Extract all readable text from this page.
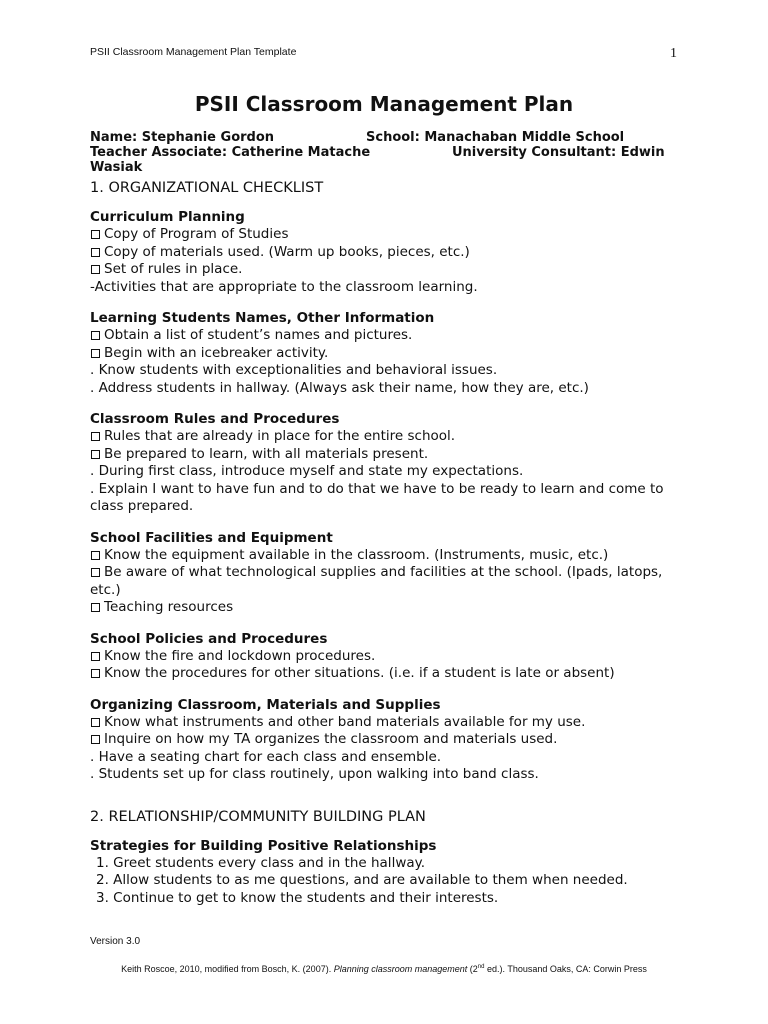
PSII Classroom Management Plan Template	1
PSII Classroom Management Plan
Name: Stephanie Gordon	School: Manachaban Middle School
Teacher Associate: Catherine Matache	University Consultant: Edwin
Wasiak
1. ORGANIZATIONAL CHECKLIST
Curriculum Planning
Copy of Program of Studies
Copy of materials used. (Warm up books, pieces, etc.)
Set of rules in place.
-Activities that are appropriate to the classroom learning.
Learning Students Names, Other Information
Obtain a list of student’s names and pictures.
Begin with an icebreaker activity.
. Know students with exceptionalities and behavioral issues.
. Address students in hallway. (Always ask their name, how they are, etc.)
Classroom Rules and Procedures
Rules that are already in place for the entire school.
Be prepared to learn, with all materials present.
. During first class, introduce myself and state my expectations.
. Explain I want to have fun and to do that we have to be ready to learn and come to class prepared.
School Facilities and Equipment
Know the equipment available in the classroom. (Instruments, music, etc.)
Be aware of what technological supplies and facilities at the school. (Ipads, latops, etc.)
Teaching resources
School Policies and Procedures
Know the fire and lockdown procedures.
Know the procedures for other situations. (i.e. if a student is late or absent)
Organizing Classroom, Materials and Supplies
Know what instruments and other band materials available for my use.
Inquire on how my TA organizes the classroom and materials used.
. Have a seating chart for each class and ensemble.
. Students set up for class routinely, upon walking into band class.
2. RELATIONSHIP/COMMUNITY BUILDING PLAN
Strategies for Building Positive Relationships
1. Greet students every class and in the hallway.
2. Allow students to as me questions, and are available to them when needed.
3. Continue to get to know the students and their interests.
Version 3.0
Keith Roscoe, 2010, modified from Bosch, K. (2007). Planning classroom management (2nd ed.). Thousand Oaks, CA: Corwin Press
